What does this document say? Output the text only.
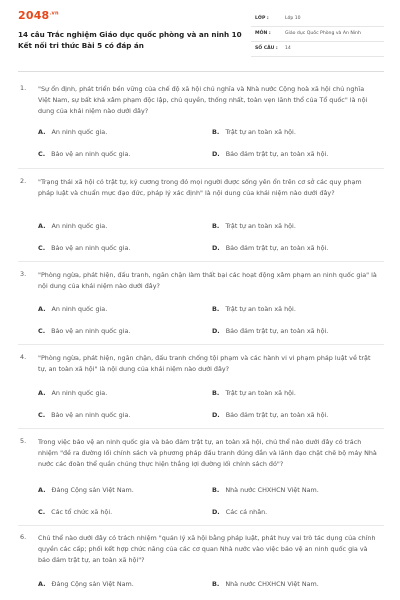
$2048^{.vn}$
14 câu Trắc nghiệm Giáo dục quốc phòng và an ninh 10 Kết nối tri thức Bài 5 có đáp án
LỚP :	Lớp 10
MÔN :	Giáo dục Quốc Phòng và An Ninh
SỐ CÂU : 14
1. "Sự ổn định, phát triển bền vững của chế độ xã hội chủ nghĩa và Nhà nước Cộng hoà xã hội chủ nghĩa Việt Nam, sự bất khả xâm phạm độc lập, chủ quyền, thống nhất, toàn vẹn lãnh thổ của Tổ quốc" là nội dung của khái niệm nào dưới đây?
A. An ninh quốc gia.	B. Trật tự an toàn xã hội.
C. Bảo vệ an ninh quốc gia.	D. Bảo đảm trật tự, an toàn xã hội.
2. "Trạng thái xã hội có trật tự, kỷ cương trong đó mọi người được sống yên ổn trên cơ sở các quy phạm pháp luật và chuẩn mực đạo đức, pháp lý xác định" là nội dung của khái niệm nào dưới đây?
A. An ninh quốc gia.	B. Trật tự an toàn xã hội.
C. Bảo vệ an ninh quốc gia.	D. Bảo đảm trật tự, an toàn xã hội.
3. "Phòng ngừa, phát hiện, đấu tranh, ngăn chặn làm thất bại các hoạt động xâm phạm an ninh quốc gia" là nội dung của khái niệm nào dưới đây?
A. An ninh quốc gia.	B. Trật tự an toàn xã hội.
C. Bảo vệ an ninh quốc gia.	D. Bảo đảm trật tự, an toàn xã hội.
4. "Phòng ngừa, phát hiện, ngăn chặn, đấu tranh chống tội phạm và các hành vi vi phạm pháp luật về trật tự, an toàn xã hội" là nội dung của khái niệm nào dưới đây?
A. An ninh quốc gia.	B. Trật tự an toàn xã hội.
C. Bảo vệ an ninh quốc gia.	D. Bảo đảm trật tự, an toàn xã hội.
5. Trong việc bảo vệ an ninh quốc gia và bảo đảm trật tự, an toàn xã hội, chủ thể nào dưới đây có trách nhiệm "đề ra đường lối chính sách và phương pháp đấu tranh đúng đắn và lãnh đạo chặt chẽ bộ máy Nhà nước các đoàn thể quần chúng thực hiện thắng lợi đường lối chính sách đó"?
A. Đảng Cộng sản Việt Nam.	B. Nhà nước CHXHCN Việt Nam.
C. Các tổ chức xã hội.	D. Các cá nhân.
6. Chủ thể nào dưới đây có trách nhiệm "quản lý xã hội bằng pháp luật, phát huy vai trò tác dụng của chính quyền các cấp; phối kết hợp chức năng của các cơ quan Nhà nước vào việc bảo vệ an ninh quốc gia và bảo đảm trật tự, an toàn xã hội"?
A. Đảng Cộng sản Việt Nam.	B. Nhà nước CHXHCN Việt Nam.
